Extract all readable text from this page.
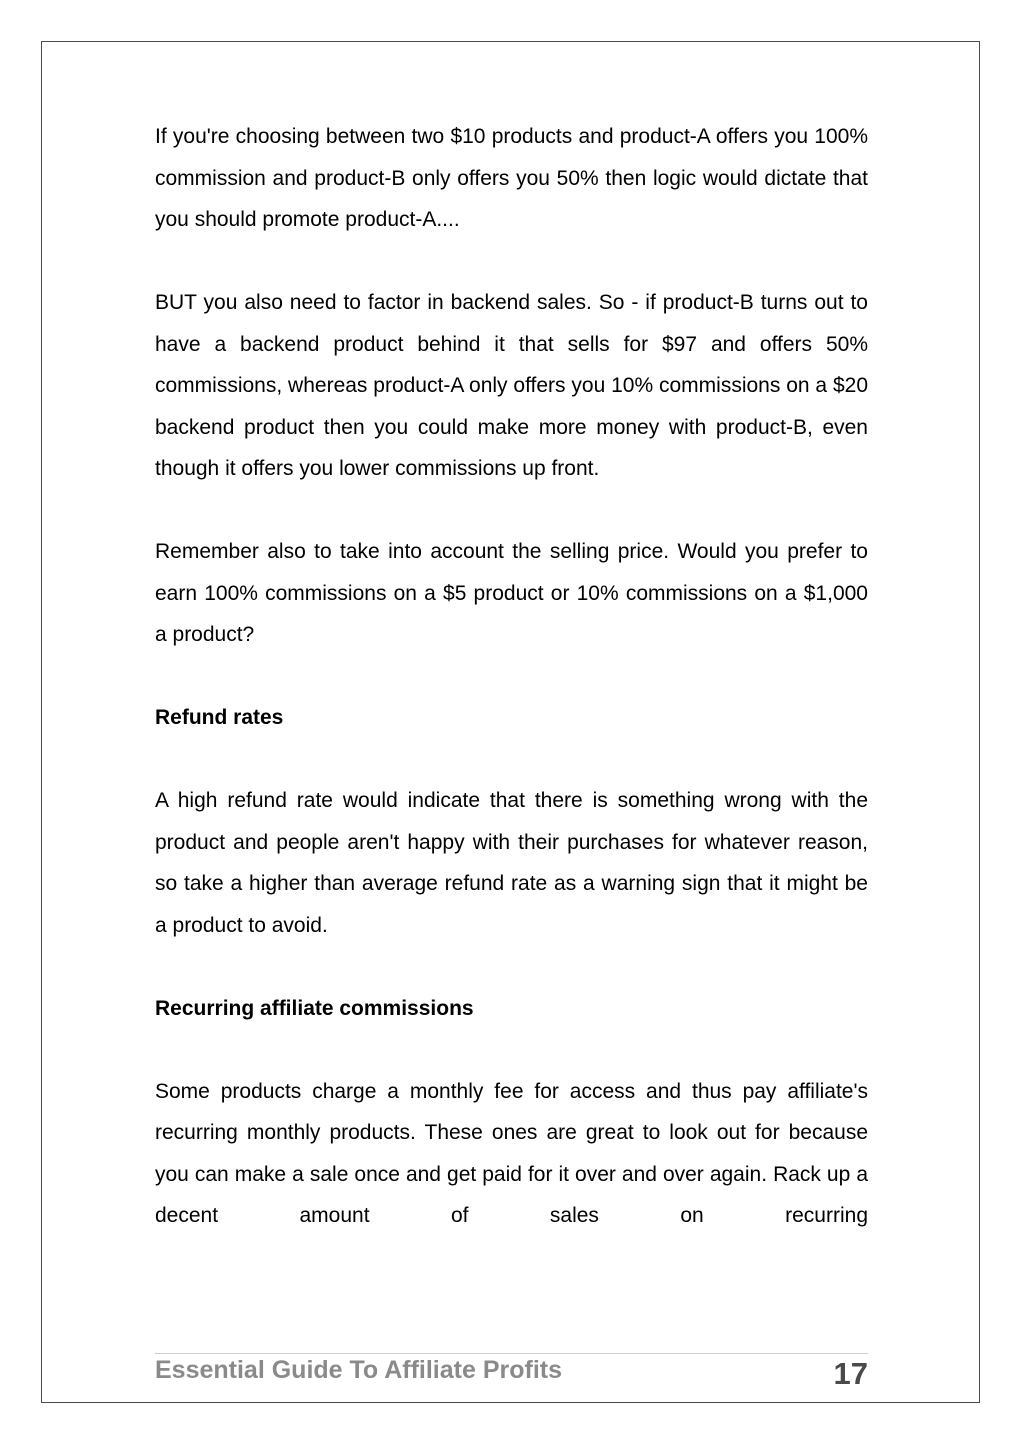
If you're choosing between two $10 products and product-A offers you 100% commission and product-B only offers you 50% then logic would dictate that you should promote product-A....

BUT you also need to factor in backend sales. So - if product-B turns out to have a backend product behind it that sells for $97 and offers 50% commissions, whereas product-A only offers you 10% commissions on a $20 backend product then you could make more money with product-B, even though it offers you lower commissions up front.

Remember also to take into account the selling price. Would you prefer to earn 100% commissions on a $5 product or 10% commissions on a $1,000 a product?

Refund rates

A high refund rate would indicate that there is something wrong with the product and people aren't happy with their purchases for whatever reason, so take a higher than average refund rate as a warning sign that it might be a product to avoid.

Recurring affiliate commissions

Some products charge a monthly fee for access and thus pay affiliate's recurring monthly products. These ones are great to look out for because you can make a sale once and get paid for it over and over again. Rack up a decent amount of sales on recurring

Essential Guide To Affiliate Profits	17
